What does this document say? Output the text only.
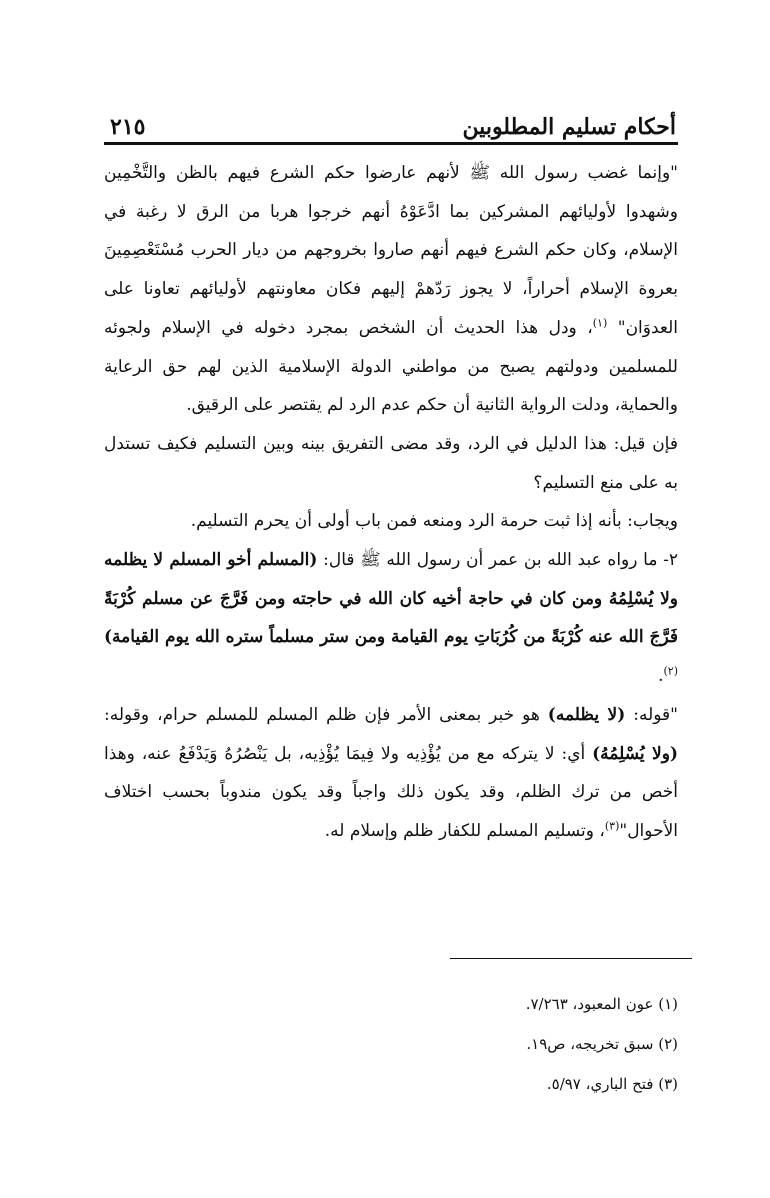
أحكام تسليم المطلوبين
٢١٥

"وإنما غضب رسول الله ﷺ لأنهم عارضوا حكم الشرع فيهم بالظن والتَّخْمِين وشهدوا لأوليائهم المشركين بما ادَّعَوْهُ أنهم خرجوا هربا من الرق لا رغبة في الإسلام، وكان حكم الشرع فيهم أنهم صاروا بخروجهم من ديار الحرب مُسْتَعْصِمِينَ بعروة الإسلام أحراراً، لا يجوز رَدّهمْ إليهم فكان معاونتهم لأوليائهم تعاونا على العدوَان" $^{(١)}$، ودل هذا الحديث أن الشخص بمجرد دخوله في الإسلام ولجوئه للمسلمين ودولتهم يصبح من مواطني الدولة الإسلامية الذين لهم حق الرعاية والحماية، ودلت الرواية الثانية أن حكم عدم الرد لم يقتصر على الرقيق.

فإن قيل: هذا الدليل في الرد، وقد مضى التفريق بينه وبين التسليم فكيف تستدل به على منع التسليم؟

ويجاب: بأنه إذا ثبت حرمة الرد ومنعه فمن باب أولى أن يحرم التسليم.

٢- ما رواه عبد الله بن عمر أن رسول الله ﷺ قال: (المسلم أخو المسلم لا يظلمه ولا يُسْلِمُهُ ومن كان في حاجة أخيه كان الله في حاجته ومن فَرَّجَ عن مسلم كُرْبَةً فَرَّجَ الله عنه كُرْبَةً من كُرُبَاتِ يوم القيامة ومن ستر مسلماً ستره الله يوم القيامة)$^{(٢)}$.

"قوله: (لا يظلمه) هو خبر بمعنى الأمر فإن ظلم المسلم للمسلم حرام، وقوله: (ولا يُسْلِمُهُ) أي: لا يتركه مع من يُؤْذِيه ولا فِيمَا يُؤْذِيه، بل يَنْصُرُهُ وَيَدْفَعُ عنه، وهذا أخص من ترك الظلم، وقد يكون ذلك واجباً وقد يكون مندوباً بحسب اختلاف الأحوال"$^{(٣)}$، وتسليم المسلم للكفار ظلم وإسلام له.

(١) عون المعبود، ٧/٢٦٣.

(٢) سبق تخريجه، ص١٩.

(٣) فتح الباري، ٥/٩٧.
